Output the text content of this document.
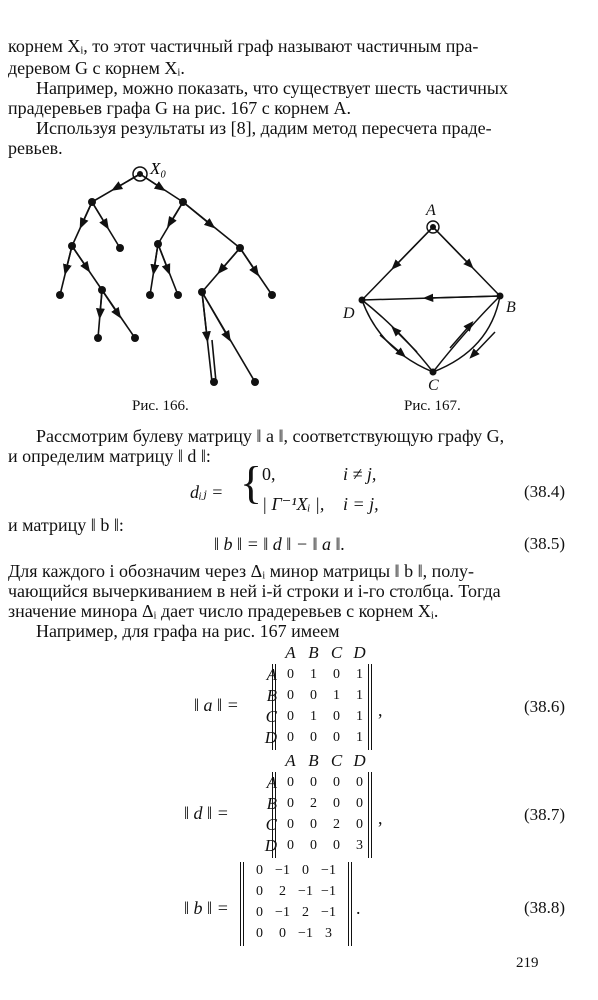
корнем Xᵢ, то этот частичный граф называют частичным пра-
деревом G с корнем Xᵢ.
Например, можно показать, что существует шесть частичных
прадеревьев графа G на рис. 167 с корнем A.
Используя результаты из [8], дадим метод пересчета праде-
ревьев.
X₀
Рис. 166.
A
B
C
D
Рис. 167.
Рассмотрим булеву матрицу ‖ a ‖, соответствующую графу G,
и определим матрицу ‖ d ‖:
dᵢⱼ = { 0,	i ≠ j,
| Γ⁻¹Xᵢ |, i = j,
(38.4)
и матрицу ‖ b ‖:
‖ b ‖ = ‖ d ‖ − ‖ a ‖.	(38.5)
Для каждого i обозначим через Δᵢ минор матрицы ‖ b ‖, полу-
чающийся вычеркиванием в ней i-й строки и i-го столбца. Тогда
значение минора Δᵢ дает число прадеревьев с корнем Xᵢ.
Например, для графа на рис. 167 имеем
‖ a ‖ =
	A	B	C	D
A	0	1	0	1
B	0	0	1	1
C	0	1	0	1
D	0	0	0	1
,	(38.6)
‖ d ‖ =
	A	B	C	D
A	0	0	0	0
B	0	2	0	0
C	0	0	2	0
D	0	0	0	3
,	(38.7)
‖ b ‖ =
0	−1	0	−1
0	2	−1	−1
0	−1	2	−1
0	0	−1	3
.	(38.8)
219
